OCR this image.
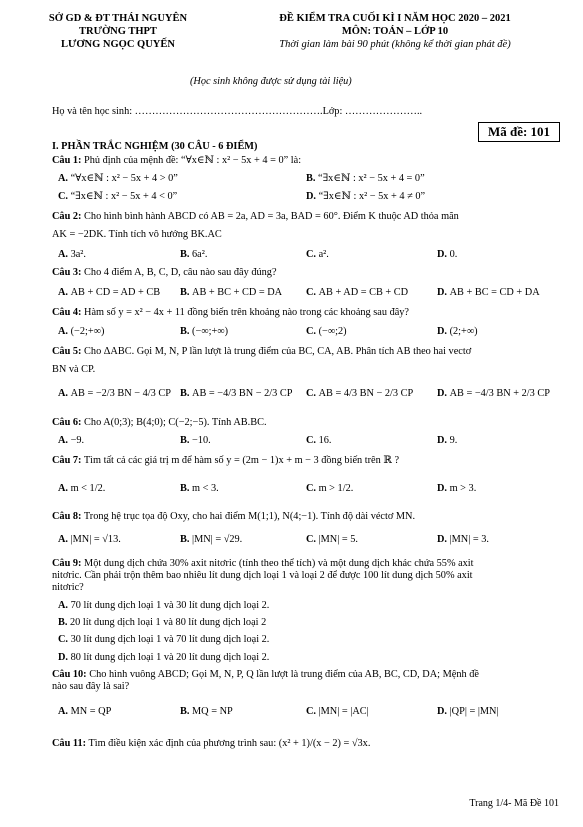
SỞ GD & ĐT THÁI NGUYÊN
TRƯỜNG THPT
LƯƠNG NGỌC QUYẾN
ĐỀ KIỂM TRA CUỐI KÌ I NĂM HỌC 2020 – 2021
MÔN: TOÁN – LỚP 10
Thời gian làm bài 90 phút (không kể thời gian phát đề)
(Học sinh không được sử dụng tài liệu)
Họ và tên học sinh: ……………………………………………….Lớp: …………………..
Mã đề: 101
I. PHẦN TRẮC NGHIỆM (30 CÂU - 6 ĐIỂM)
Câu 1: Phủ định của mệnh đề: “∀x∈ℕ : x² − 5x + 4 = 0” là:
A. “∀x∈ℕ : x² − 5x + 4 > 0”	B. “∃x∈ℕ : x² − 5x + 4 = 0”
C. “∃x∈ℕ : x² − 5x + 4 < 0”	D. “∃x∈ℕ : x² − 5x + 4 ≠ 0”
Câu 2: Cho hình bình hành ABCD có AB = 2a, AD = 3a, BAD = 60°. Điểm K thuộc AD thỏa mãn
AK = −2DK. Tính tích vô hướng BK.AC
A. 3a².	B. 6a².	C. a².	D. 0.
Câu 3: Cho 4 điểm A, B, C, D, câu nào sau đây đúng?
A. AB + CD = AD + CB B. AB + BC + CD = DA C. AB + AD = CB + CD	D. AB + BC = CD + DA
Câu 4: Hàm số y = x² − 4x + 11 đồng biến trên khoảng nào trong các khoảng sau đây?
A. (−2;+∞)	B. (−∞;+∞)	C. (−∞;2)	D. (2;+∞)
Câu 5: Cho ΔABC. Gọi M, N, P lần lượt là trung điểm của BC, CA, AB. Phân tích AB theo hai vectơ
BN và CP.
A. AB = −2/3 BN − 4/3 CP B. AB = −4/3 BN − 2/3 CP C. AB = 4/3 BN − 2/3 CP D. AB = −4/3 BN + 2/3 CP
Câu 6: Cho A(0;3); B(4;0); C(−2;−5). Tính AB.BC.
A. −9.	B. −10.	C. 16.	D. 9.
Câu 7: Tìm tất cả các giá trị m để hàm số y = (2m − 1)x + m − 3 đồng biến trên ℝ ?
A. m < 1/2.	B. m < 3.	C. m > 1/2.	D. m > 3.
Câu 8: Trong hệ trục tọa độ Oxy, cho hai điểm M(1;1), N(4;−1). Tính độ dài véctơ MN.
A. |MN| = √13.	B. |MN| = √29.	C. |MN| = 5.	D. |MN| = 3.
Câu 9: Một dung dịch chứa 30% axit nitơric (tính theo thể tích) và một dung dịch khác chứa 55% axit
nitơric. Cần phải trộn thêm bao nhiêu lít dung dịch loại 1 và loại 2 để được 100 lít dung dịch 50% axit
nitơric?
A. 70 lít dung dịch loại 1 và 30 lít dung dịch loại 2.
B. 20 lít dung dịch loại 1 và 80 lít dung dịch loại 2
C. 30 lít dung dịch loại 1 và 70 lít dung dịch loại 2.
D. 80 lít dung dịch loại 1 và 20 lít dung dịch loại 2.
Câu 10: Cho hình vuông ABCD; Gọi M, N, P, Q lần lượt là trung điểm của AB, BC, CD, DA; Mệnh đề
nào sau đây là sai?
A. MN = QP	B. MQ = NP	C. |MN| = |AC|	D. |QP| = |MN|
Câu 11: Tìm điều kiện xác định của phương trình sau: (x² + 1)/(x − 2) = √3x.
Trang 1/4- Mã Đề 101
